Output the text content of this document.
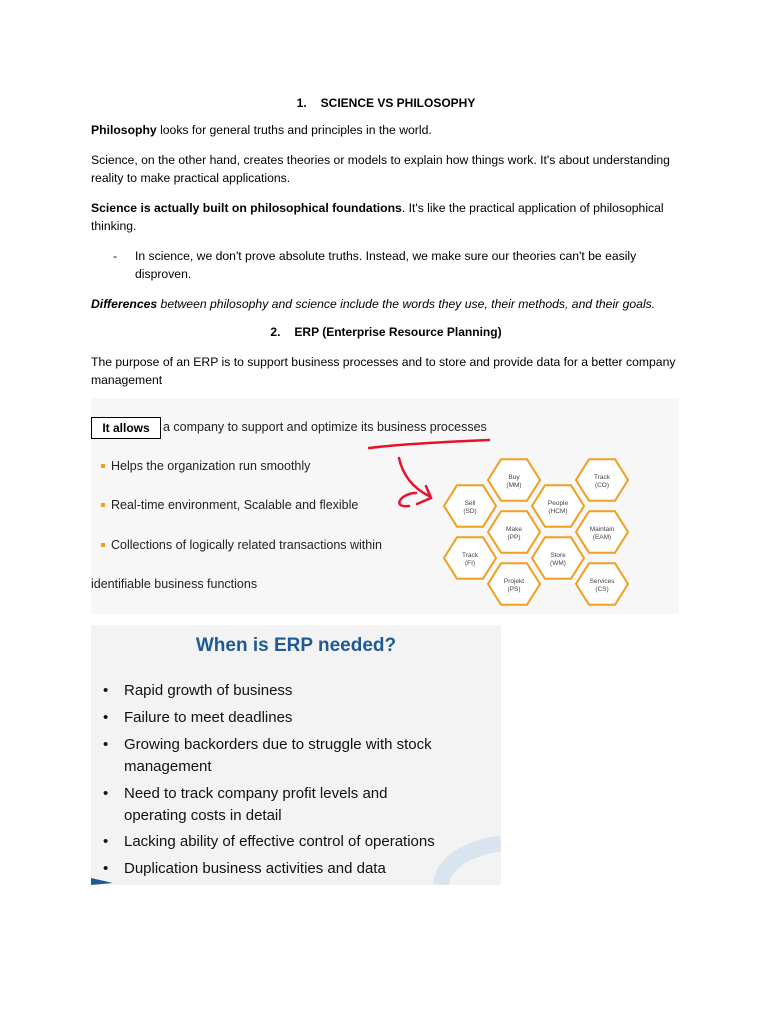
1. SCIENCE VS PHILOSOPHY
Philosophy looks for general truths and principles in the world.
Science, on the other hand, creates theories or models to explain how things work. It's about understanding reality to make practical applications.
Science is actually built on philosophical foundations. It's like the practical application of philosophical thinking.
- In science, we don't prove absolute truths. Instead, we make sure our theories can't be easily disproven.
Differences between philosophy and science include the words they use, their methods, and their goals.
2. ERP (Enterprise Resource Planning)
The purpose of an ERP is to support business processes and to store and provide data for a better company management
Buy
(MM)
Track
(CO)
Sell
(SD)
People
(HCM)
Make
(PP)
Maintain
(EAM)
Track
(FI)
Store
(WM)
Projekt
(PS)
Services
(CS)
It allows	a company to support and optimize its business processes
Helps the organization run smoothly
Real-time environment, Scalable and flexible
Collections of logically related transactions within
identifiable business functions
When is ERP needed?
• Rapid growth of business
• Failure to meet deadlines
• Growing backorders due to struggle with stock
management
• Need to track company profit levels and
operating costs in detail
• Lacking ability of effective control of operations
• Duplication business activities and data
